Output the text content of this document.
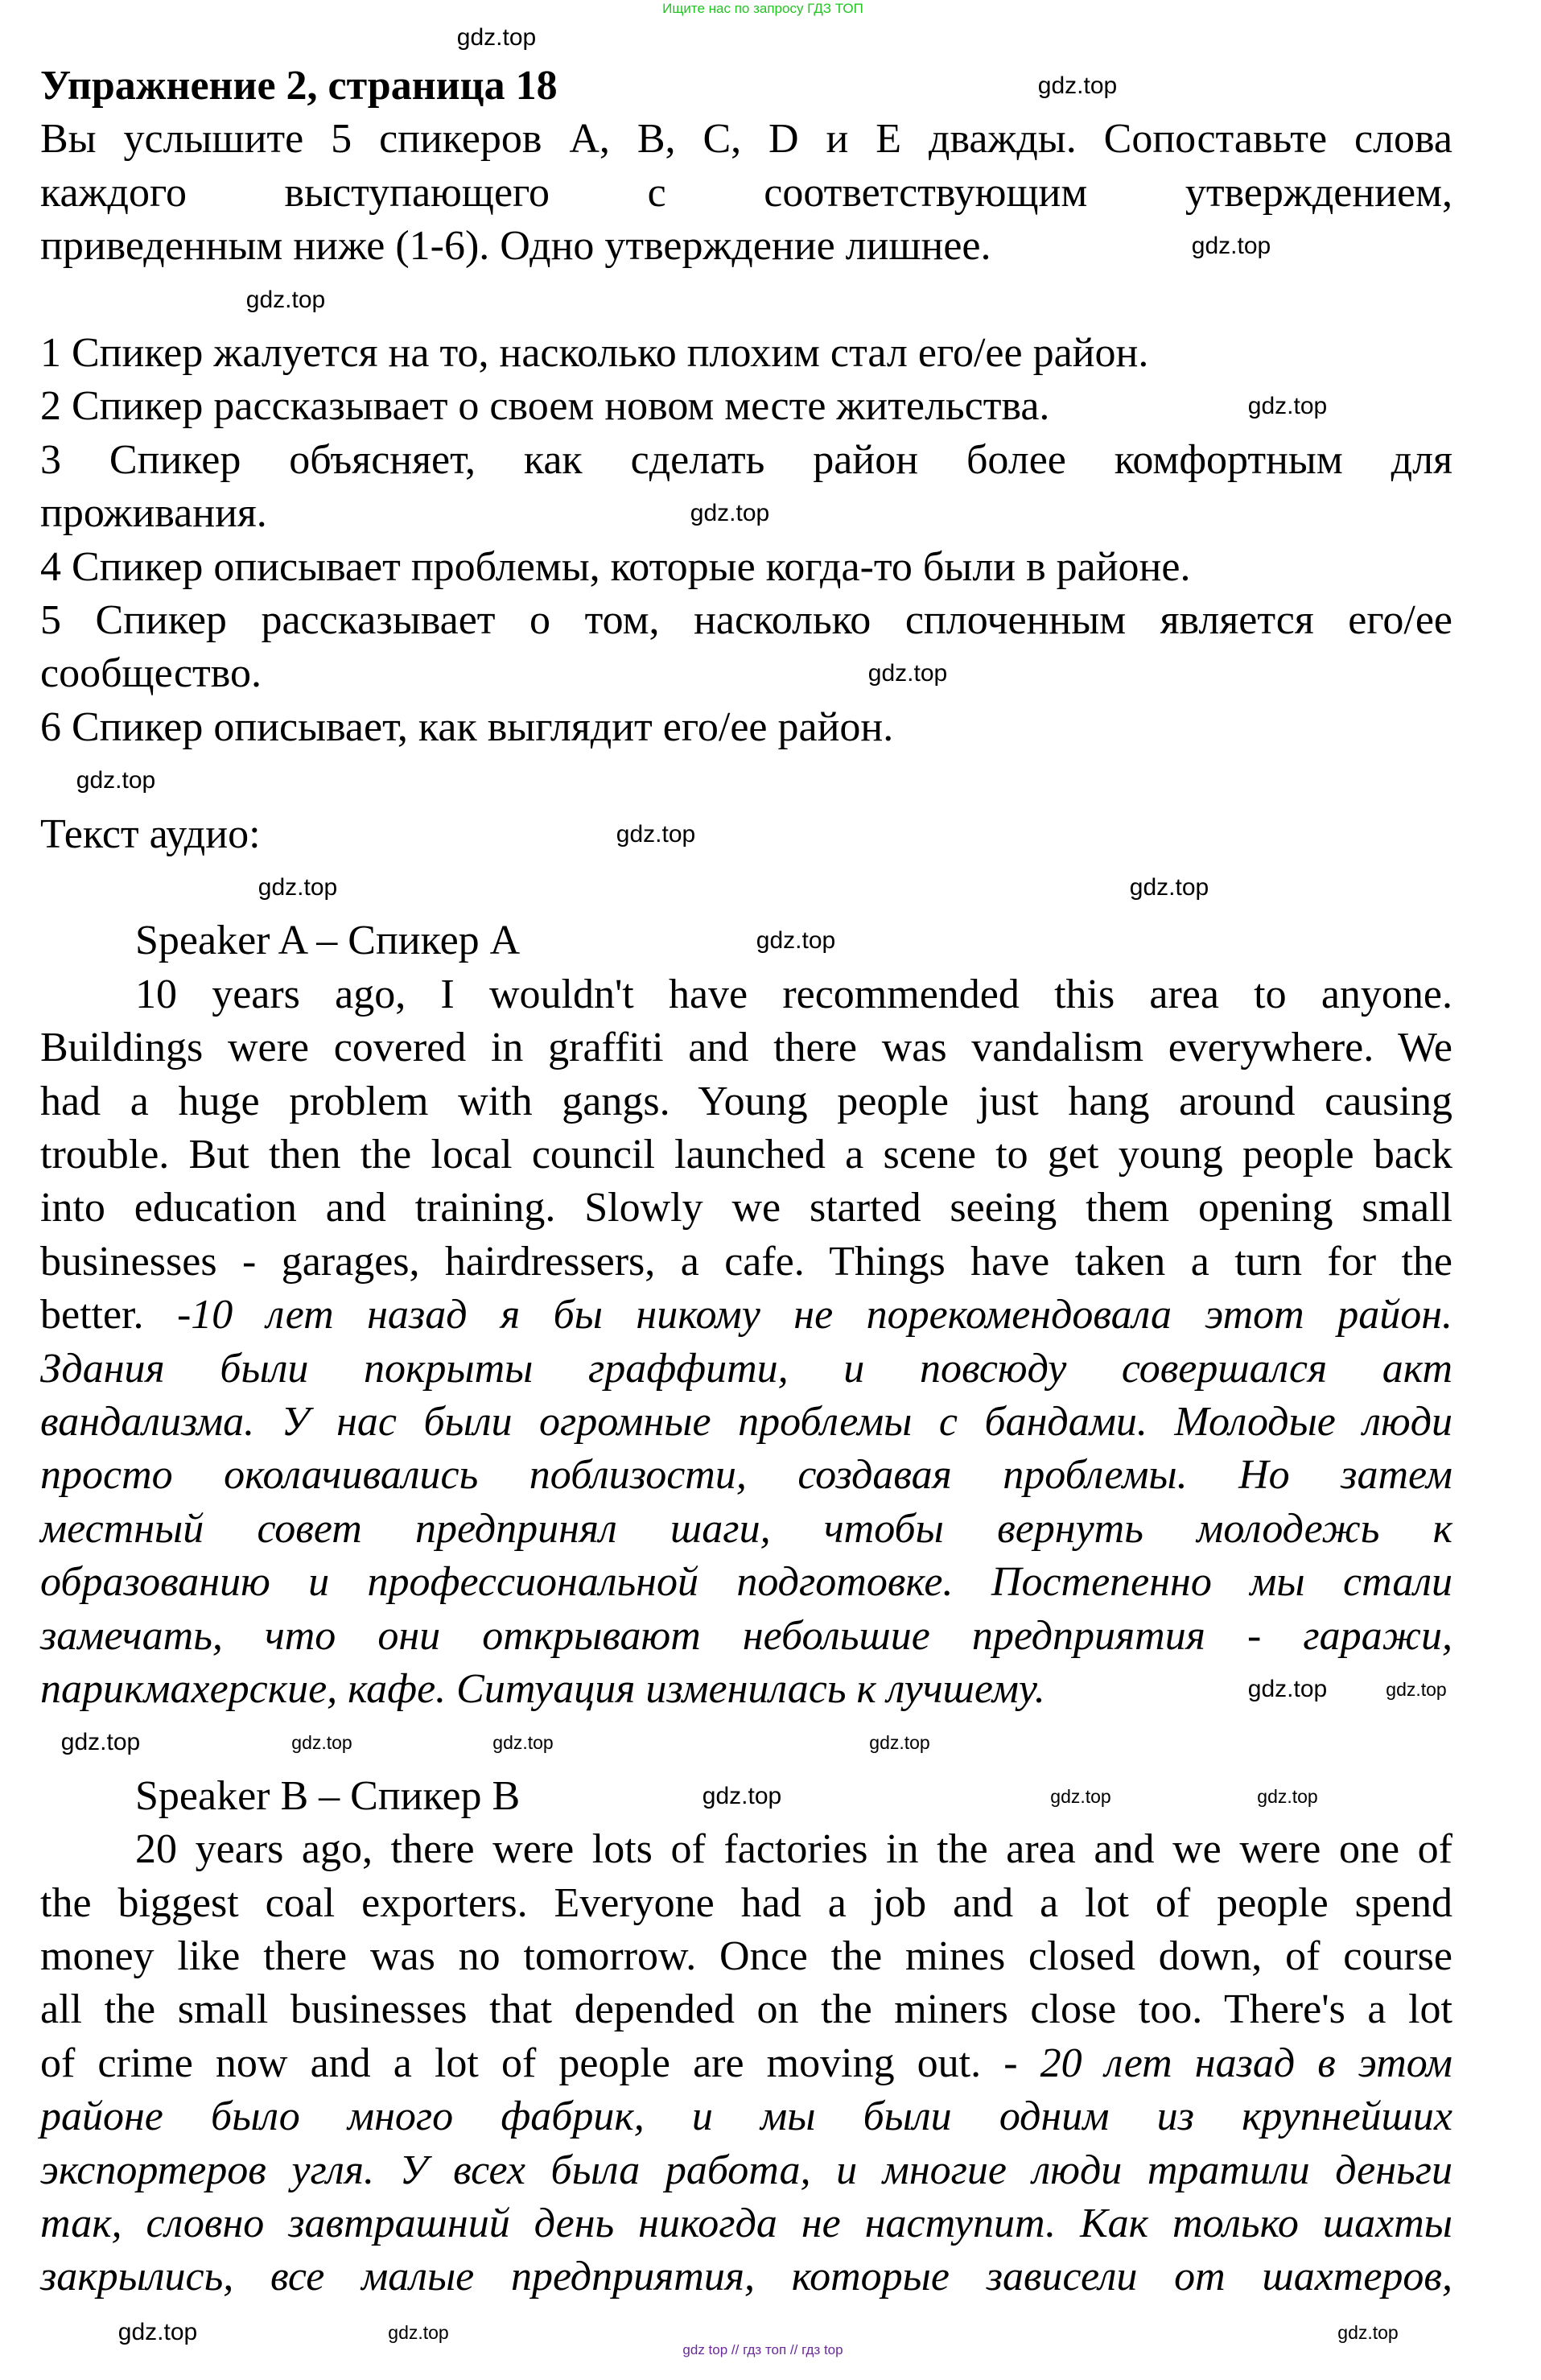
Ищите нас по запросу ГДЗ ТОП
Упражнение 2, страница 18
Вы услышите 5 спикеров A, B, C, D и E дважды. Сопоставьте слова
каждого выступающего с соответствующим утверждением,
приведенным ниже (1-6). Одно утверждение лишнее.
1 Спикер жалуется на то, насколько плохим стал его/ее район.
2 Спикер рассказывает о своем новом месте жительства.
3 Спикер объясняет, как сделать район более комфортным для
проживания.
4 Спикер описывает проблемы, которые когда-то были в районе.
5 Спикер рассказывает о том, насколько сплоченным является его/ее
сообщество.
6 Спикер описывает, как выглядит его/ее район.
Текст аудио:
Speaker A – Спикер A
10 years ago, I wouldn't have recommended this area to anyone.
Buildings were covered in graffiti and there was vandalism everywhere. We
had a huge problem with gangs. Young people just hang around causing
trouble. But then the local council launched a scene to get young people back
into education and training. Slowly we started seeing them opening small
businesses - garages, hairdressers, a cafe. Things have taken a turn for the
better. -10 лет назад я бы никому не порекомендовала этот район.
Здания были покрыты граффити, и повсюду совершался акт
вандализма. У нас были огромные проблемы с бандами. Молодые люди
просто околачивались поблизости, создавая проблемы. Но затем
местный совет предпринял шаги, чтобы вернуть молодежь к
образованию и профессиональной подготовке. Постепенно мы стали
замечать, что они открывают небольшие предприятия - гаражи,
парикмахерские, кафе. Ситуация изменилась к лучшему.
Speaker B – Спикер B
20 years ago, there were lots of factories in the area and we were one of
the biggest coal exporters. Everyone had a job and a lot of people spend
money like there was no tomorrow. Once the mines closed down, of course
all the small businesses that depended on the miners close too. There's a lot
of crime now and a lot of people are moving out. - 20 лет назад в этом
районе было много фабрик, и мы были одним из крупнейших
экспортеров угля. У всех была работа, и многие люди тратили деньги
так, словно завтрашний день никогда не наступит. Как только шахты
закрылись, все малые предприятия, которые зависели от шахтеров,
gdz.top
gdz.top
gdz.top
gdz.top
gdz.top
gdz.top
gdz.top
gdz.top
gdz.top
gdz.top
gdz.top
gdz.top
gdz.top
gdz.top	gdz.top	gdz.top
gdz.top
gdz.top
gdz.top	gdz.top	gdz.top
gdz.top
gdz.top
gdz.top
gdz top // гдз топ // гдз top
